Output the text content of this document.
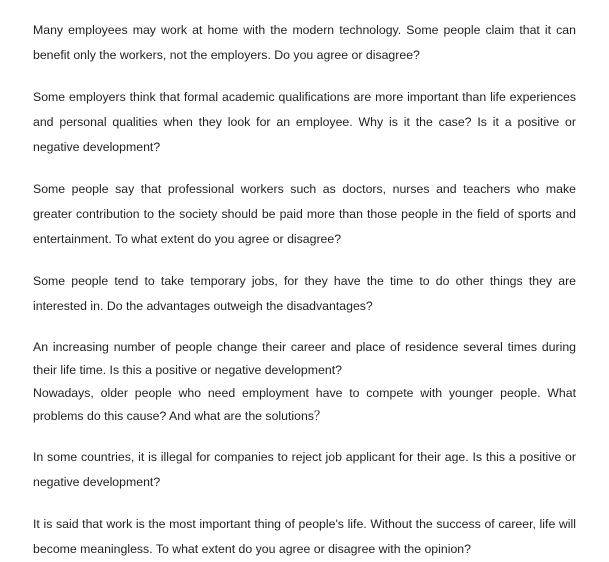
Many employees may work at home with the modern technology. Some people claim that it can benefit only the workers, not the employers. Do you agree or disagree?

Some employers think that formal academic qualifications are more important than life experiences and personal qualities when they look for an employee. Why is it the case? Is it a positive or negative development?

Some people say that professional workers such as doctors, nurses and teachers who make greater contribution to the society should be paid more than those people in the field of sports and entertainment. To what extent do you agree or disagree?

Some people tend to take temporary jobs, for they have the time to do other things they are interested in. Do the advantages outweigh the disadvantages?

An increasing number of people change their career and place of residence several times during their life time. Is this a positive or negative development?
Nowadays, older people who need employment have to compete with younger people. What problems do this cause? And what are the solutions？

In some countries, it is illegal for companies to reject job applicant for their age. Is this a positive or negative development?

It is said that work is the most important thing of people's life. Without the success of career, life will become meaningless. To what extent do you agree or disagree with the opinion?
